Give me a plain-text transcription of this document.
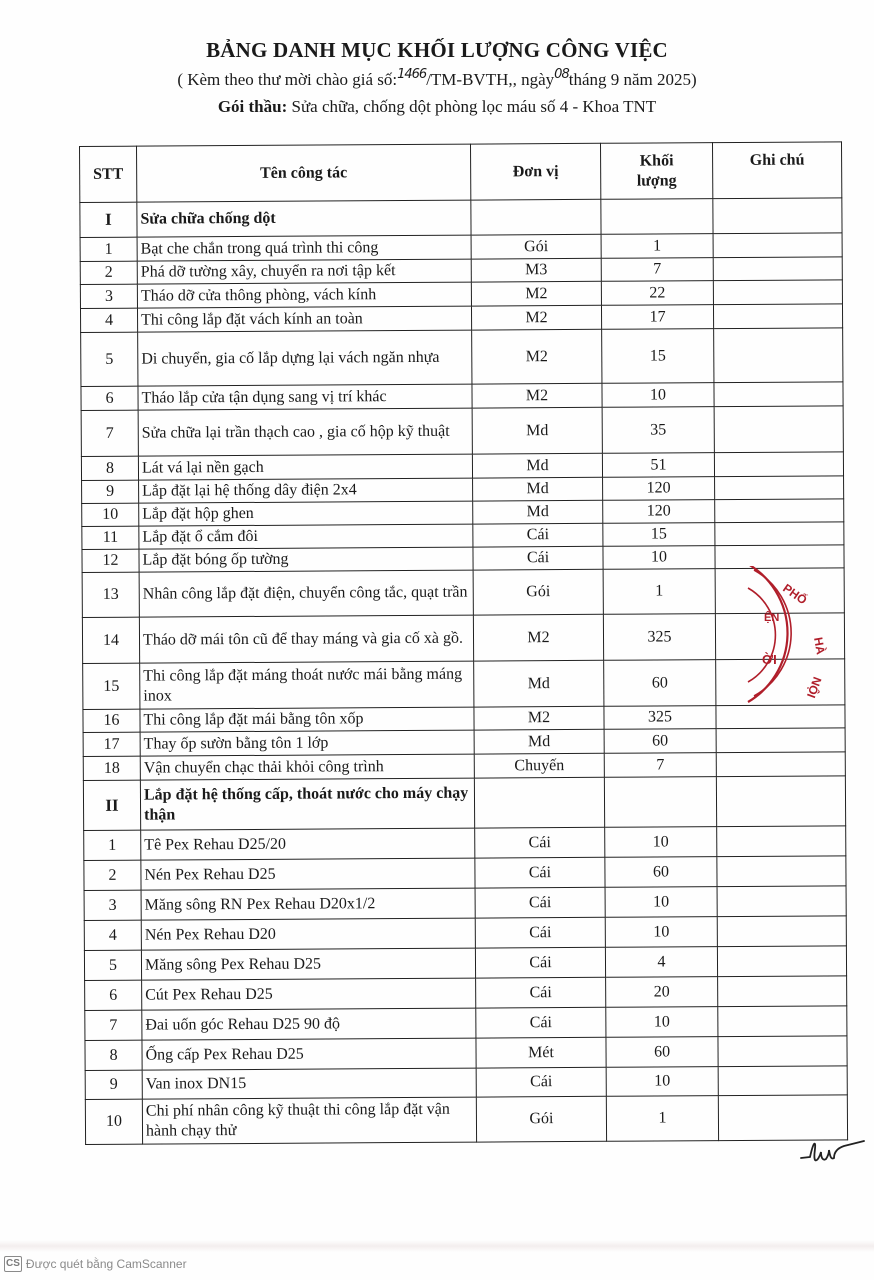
BẢNG DANH MỤC KHỐI LƯỢNG CÔNG VIỆC
( Kèm theo thư mời chào giá số:$^{1466}$/TM-BVTH,, ngày$^{08}$tháng 9 năm 2025)
Gói thầu: Sửa chữa, chống dột phòng lọc máu số 4 - Khoa TNT
STT	Tên công tác	Đơn vị	Khối lượng	Ghi chú
I	Sửa chữa chống dột			
1	Bạt che chắn trong quá trình thi công	Gói	1	
2	Phá dỡ tường xây, chuyển ra nơi tập kết	M3	7	
3	Tháo dỡ cửa thông phòng, vách kính	M2	22	
4	Thi công lắp đặt vách kính an toàn	M2	17	
5	Di chuyển, gia cố lắp dựng lại vách ngăn nhựa	M2	15	
6	Tháo lắp cửa tận dụng sang vị trí khác	M2	10	
7	Sửa chữa lại trần thạch cao , gia cố hộp kỹ thuật	Md	35	
8	Lát vá lại nền gạch	Md	51	
9	Lắp đặt lại hệ thống dây điện 2x4	Md	120	
10	Lắp đặt hộp ghen	Md	120	
11	Lắp đặt ổ cắm đôi	Cái	15	
12	Lắp đặt bóng ốp tường	Cái	10	
13	Nhân công lắp đặt điện, chuyển công tắc, quạt trần	Gói	1	
14	Tháo dỡ mái tôn cũ để thay máng và gia cố xà gồ.	M2	325	
15	Thi công lắp đặt máng thoát nước mái bằng máng inox	Md	60	
16	Thi công lắp đặt mái bằng tôn xốp	M2	325	
17	Thay ốp sườn bằng tôn 1 lớp	Md	60	
18	Vận chuyển chạc thải khỏi công trình	Chuyến	7	
II	Lắp đặt hệ thống cấp, thoát nước cho máy chạy thận			
1	Tê Pex Rehau D25/20	Cái	10	
2	Nén Pex Rehau D25	Cái	60	
3	Măng sông RN Pex Rehau D20x1/2	Cái	10	
4	Nén Pex Rehau D20	Cái	10	
5	Măng sông Pex Rehau D25	Cái	4	
6	Cút Pex Rehau D25	Cái	20	
7	Đai uốn góc Rehau D25 90 độ	Cái	10	
8	Ống cấp Pex Rehau D25	Mét	60	
9	Van inox DN15	Cái	10	
10	Chi phí nhân công kỹ thuật thi công lắp đặt vận hành chạy thử	Gói	1	
PHỐ
HÀ
NỘI
ỆN
ỜI
CS Được quét bằng CamScanner
